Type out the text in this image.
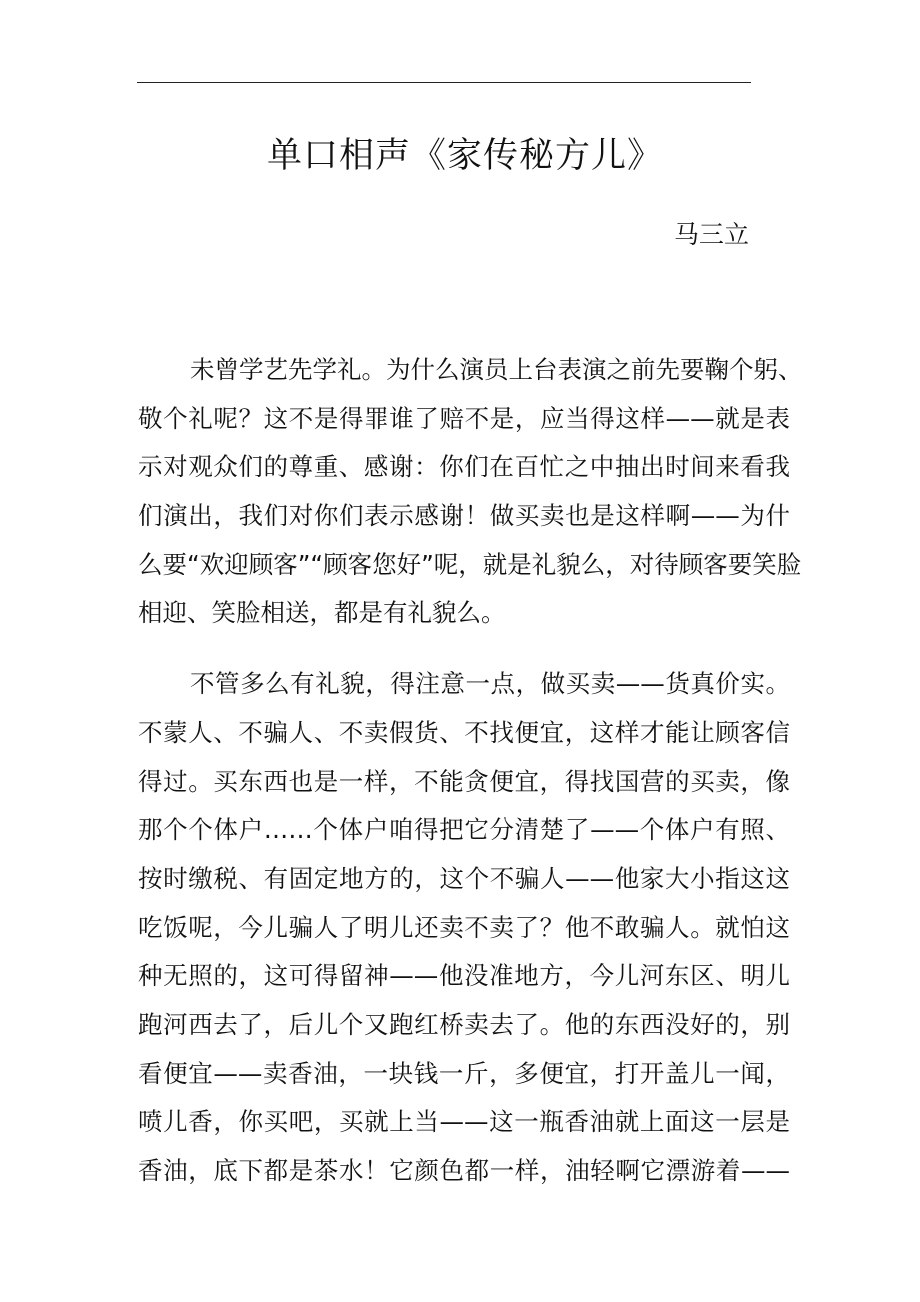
单口相声《家传秘方儿》
马三立
未曾学艺先学礼。为什么演员上台表演之前先要鞠个躬、
敬个礼呢？这不是得罪谁了赔不是，应当得这样——就是表
示对观众们的尊重、感谢：你们在百忙之中抽出时间来看我
们演出，我们对你们表示感谢！做买卖也是这样啊——为什
么要“欢迎顾客”“顾客您好”呢，就是礼貌么，对待顾客要笑脸
相迎、笑脸相送，都是有礼貌么。
不管多么有礼貌，得注意一点，做买卖——货真价实。
不蒙人、不骗人、不卖假货、不找便宜，这样才能让顾客信
得过。买东西也是一样，不能贪便宜，得找国营的买卖，像
那个个体户……个体户咱得把它分清楚了——个体户有照、
按时缴税、有固定地方的，这个不骗人——他家大小指这这
吃饭呢，今儿骗人了明儿还卖不卖了？他不敢骗人。就怕这
种无照的，这可得留神——他没准地方，今儿河东区、明儿
跑河西去了，后儿个又跑红桥卖去了。他的东西没好的，别
看便宜——卖香油，一块钱一斤，多便宜，打开盖儿一闻，
喷儿香，你买吧，买就上当——这一瓶香油就上面这一层是
香油，底下都是茶水！它颜色都一样，油轻啊它漂游着——
